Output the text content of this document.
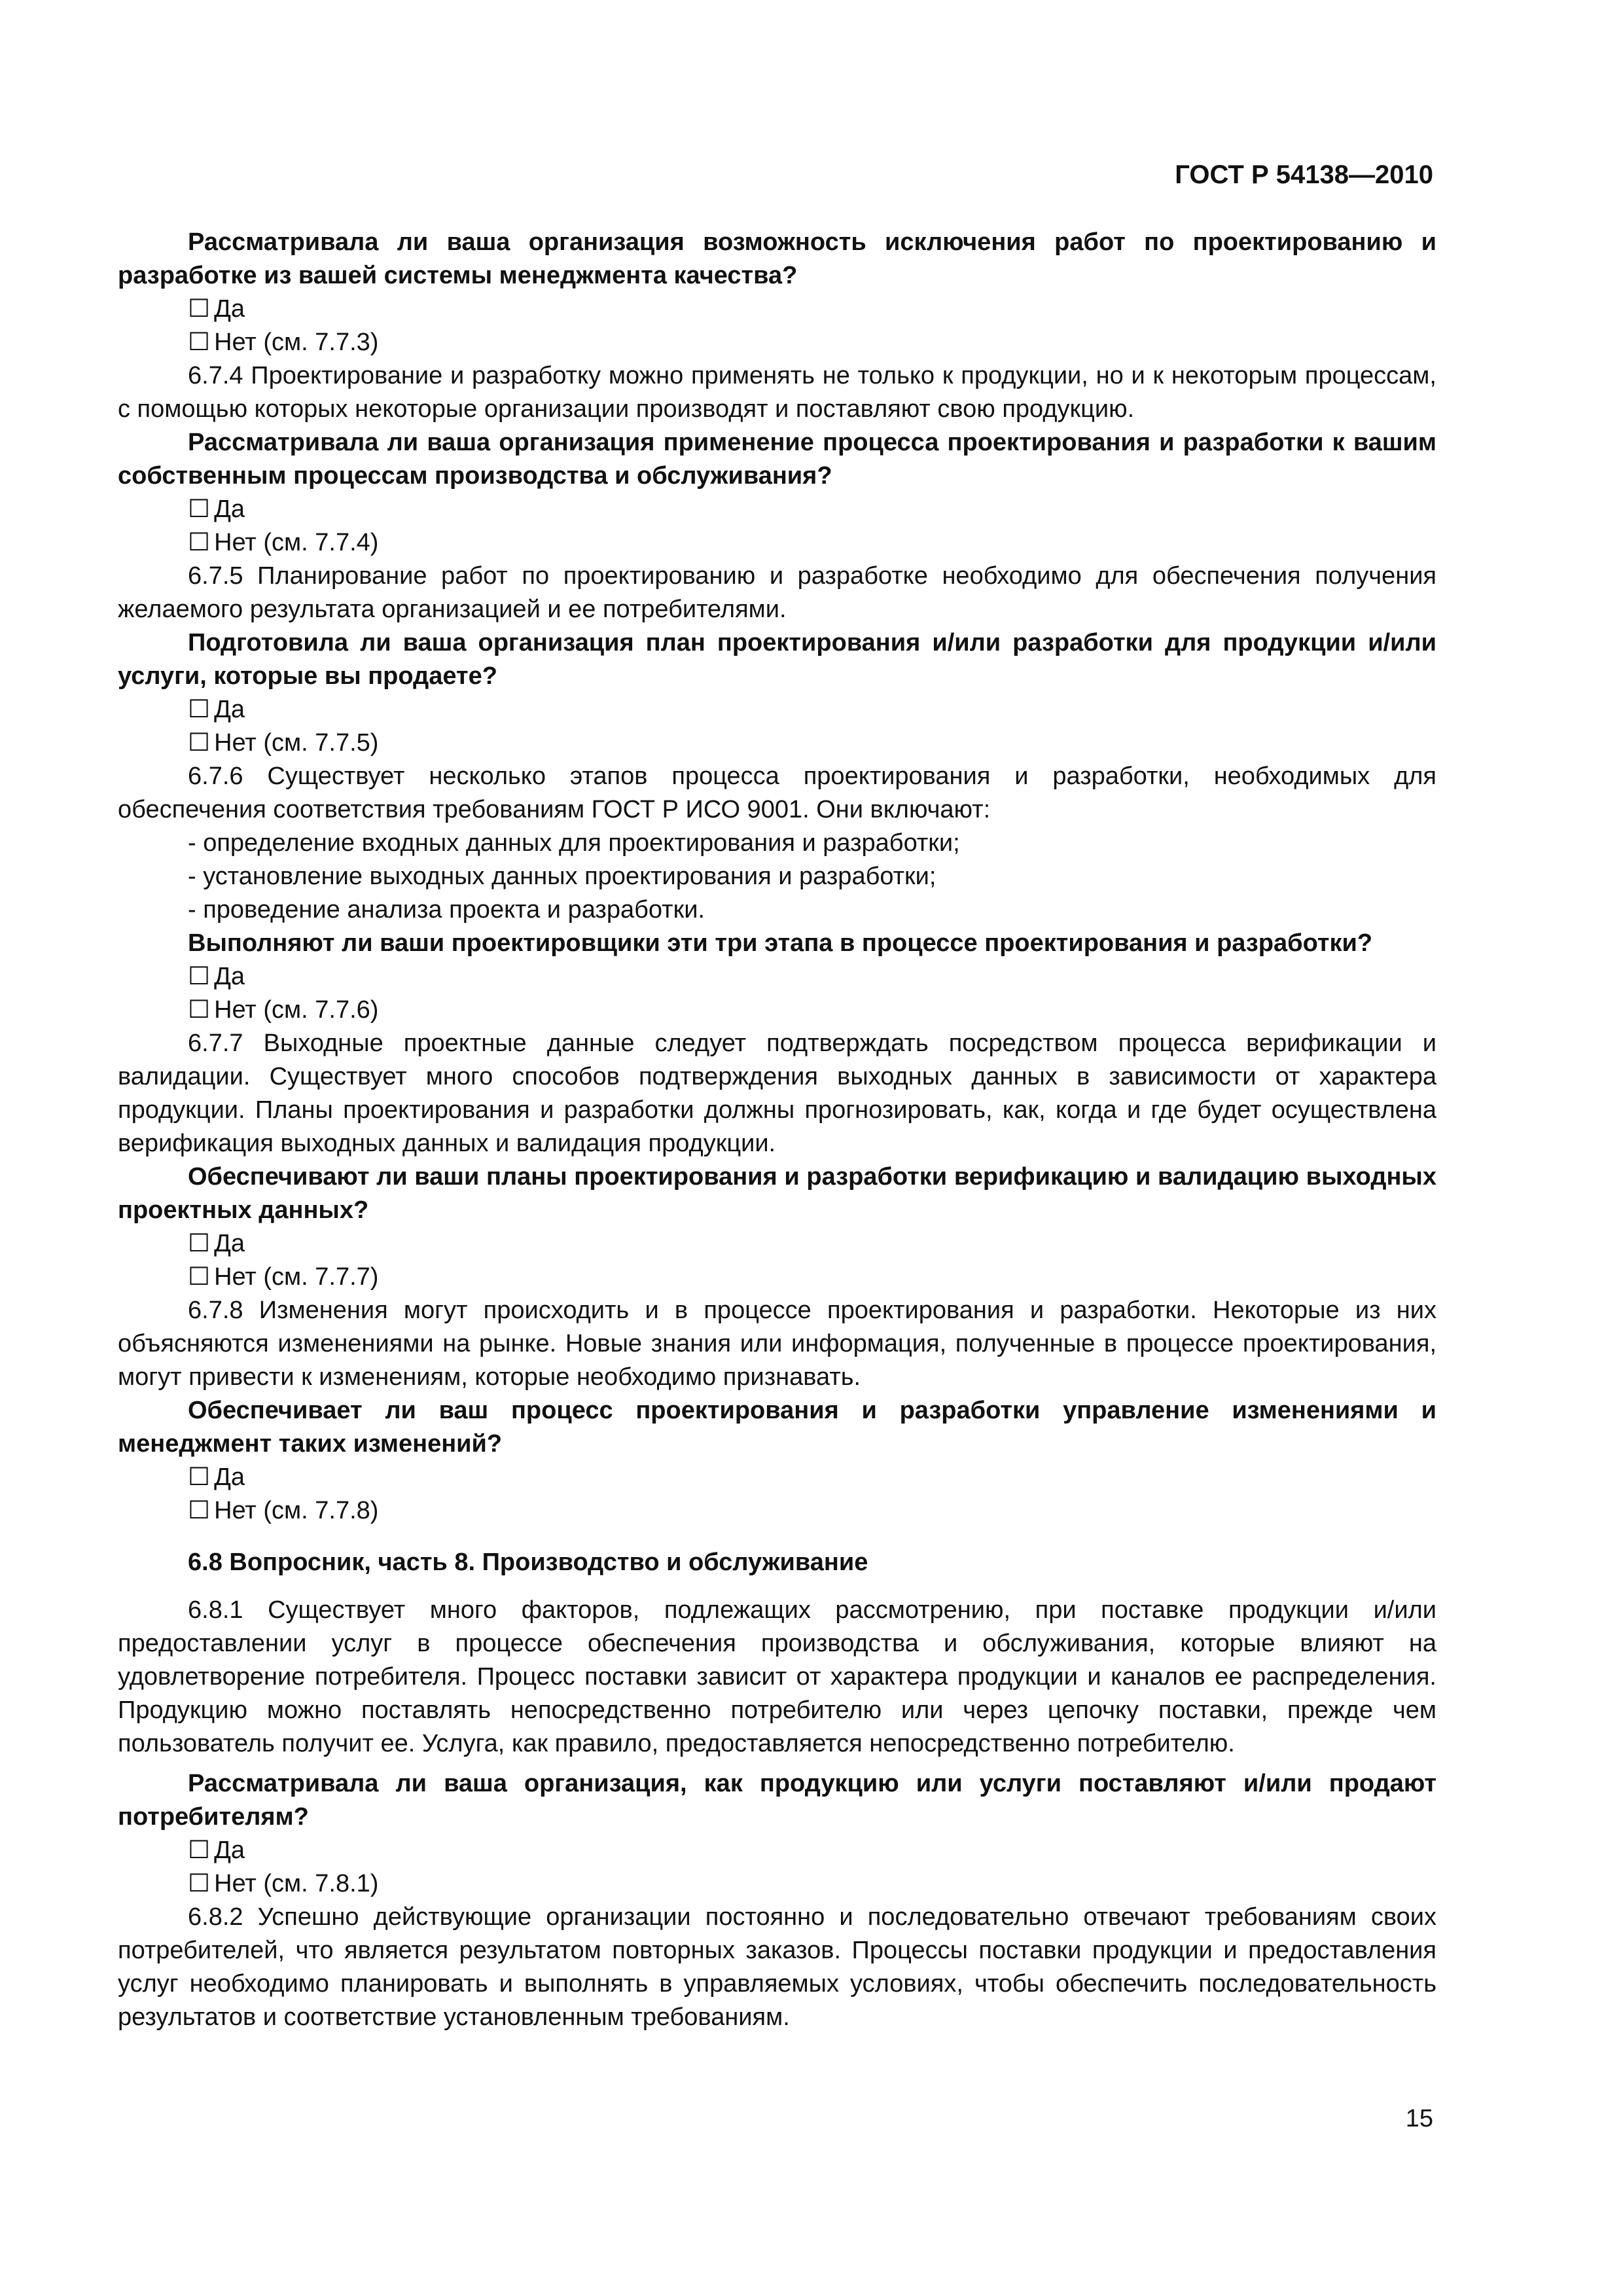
ГОСТ Р 54138—2010

Рассматривала ли ваша организация возможность исключения работ по проектированию и разработке из вашей системы менеджмента качества?

☐ Да
☐ Нет (см. 7.7.3)

6.7.4 Проектирование и разработку можно применять не только к продукции, но и к некоторым процессам, с помощью которых некоторые организации производят и поставляют свою продукцию.

Рассматривала ли ваша организация применение процесса проектирования и разработки к вашим собственным процессам производства и обслуживания?

☐ Да
☐ Нет (см. 7.7.4)

6.7.5 Планирование работ по проектированию и разработке необходимо для обеспечения получения желаемого результата организацией и ее потребителями.

Подготовила ли ваша организация план проектирования и/или разработки для продукции и/или услуги, которые вы продаете?

☐ Да
☐ Нет (см. 7.7.5)

6.7.6 Существует несколько этапов процесса проектирования и разработки, необходимых для обеспечения соответствия требованиям ГОСТ Р ИСО 9001. Они включают:

- определение входных данных для проектирования и разработки;
- установление выходных данных проектирования и разработки;
- проведение анализа проекта и разработки.

Выполняют ли ваши проектировщики эти три этапа в процессе проектирования и разработки?

☐ Да
☐ Нет (см. 7.7.6)

6.7.7 Выходные проектные данные следует подтверждать посредством процесса верификации и валидации. Существует много способов подтверждения выходных данных в зависимости от характера продукции. Планы проектирования и разработки должны прогнозировать, как, когда и где будет осуществлена верификация выходных данных и валидация продукции.

Обеспечивают ли ваши планы проектирования и разработки верификацию и валидацию выходных проектных данных?

☐ Да
☐ Нет (см. 7.7.7)

6.7.8 Изменения могут происходить и в процессе проектирования и разработки. Некоторые из них объясняются изменениями на рынке. Новые знания или информация, полученные в процессе проектирования, могут привести к изменениям, которые необходимо признавать.

Обеспечивает ли ваш процесс проектирования и разработки управление изменениями и менеджмент таких изменений?

☐ Да
☐ Нет (см. 7.7.8)
6.8 Вопросник, часть 8. Производство и обслуживание

6.8.1 Существует много факторов, подлежащих рассмотрению, при поставке продукции и/или предоставлении услуг в процессе обеспечения производства и обслуживания, которые влияют на удовлетворение потребителя. Процесс поставки зависит от характера продукции и каналов ее распределения. Продукцию можно поставлять непосредственно потребителю или через цепочку поставки, прежде чем пользователь получит ее. Услуга, как правило, предоставляется непосредственно потребителю.

Рассматривала ли ваша организация, как продукцию или услуги поставляют и/или продают потребителям?

☐ Да
☐ Нет (см. 7.8.1)

6.8.2 Успешно действующие организации постоянно и последовательно отвечают требованиям своих потребителей, что является результатом повторных заказов. Процессы поставки продукции и предоставления услуг необходимо планировать и выполнять в управляемых условиях, чтобы обеспечить последовательность результатов и соответствие установленным требованиям.

15
